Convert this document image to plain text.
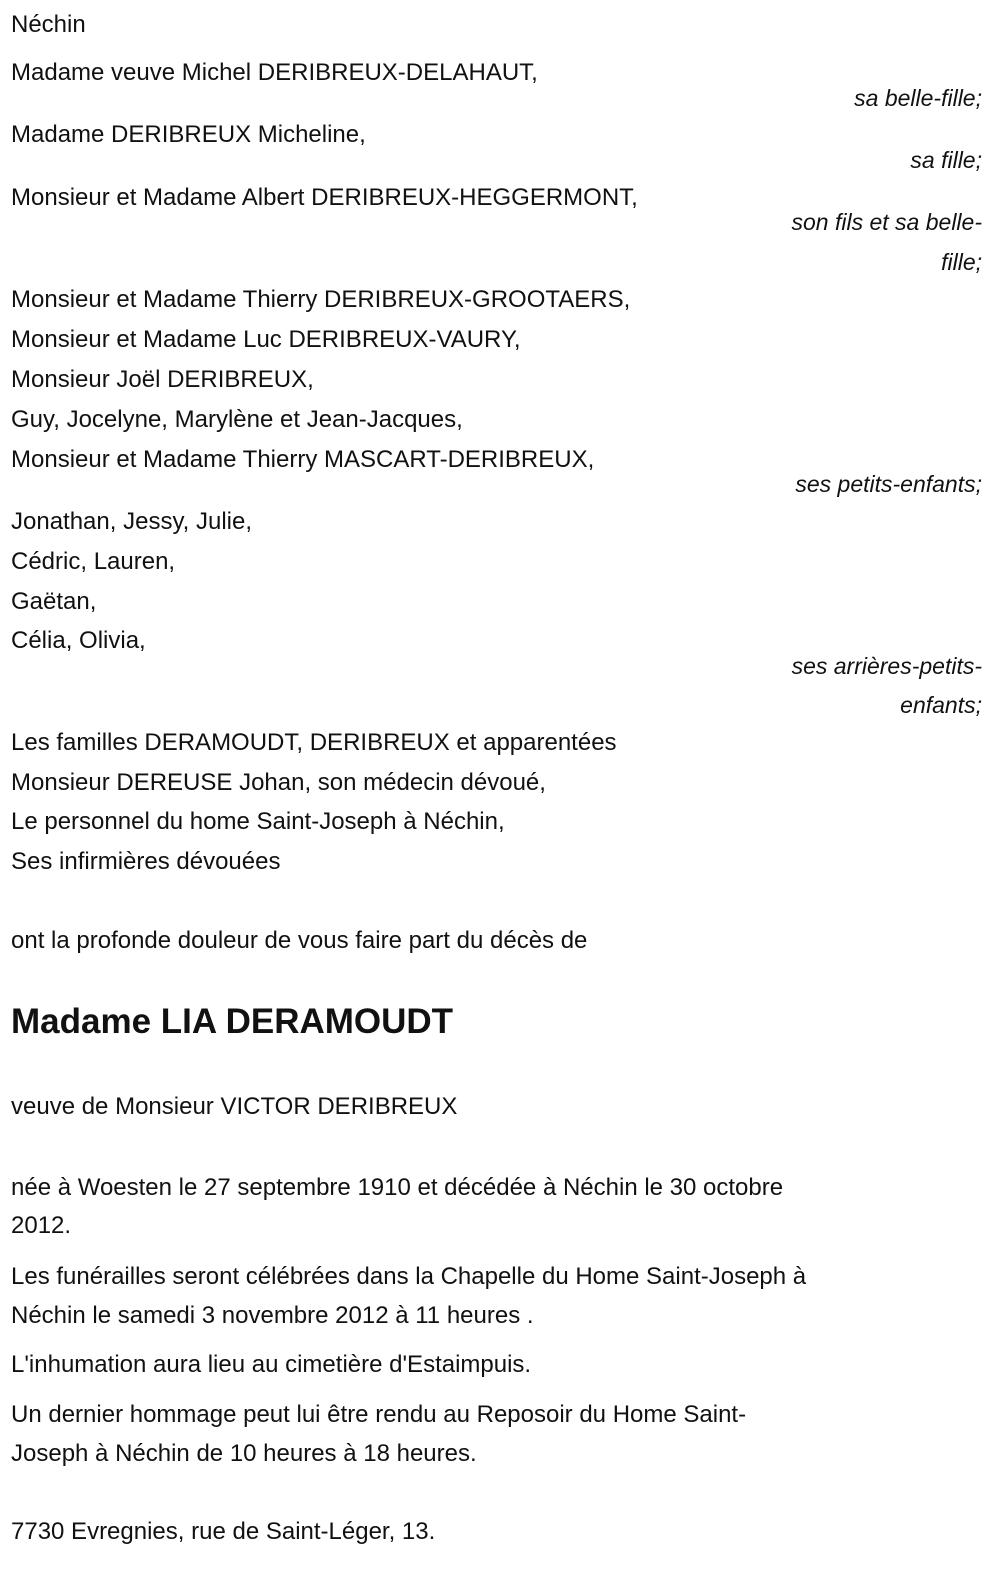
Néchin
Madame veuve Michel DERIBREUX-DELAHAUT,
sa belle-fille;
Madame DERIBREUX Micheline,
sa fille;
Monsieur et Madame Albert DERIBREUX-HEGGERMONT,
son fils et sa belle-
fille;
Monsieur et Madame Thierry DERIBREUX-GROOTAERS,
Monsieur et Madame Luc DERIBREUX-VAURY,
Monsieur Joël DERIBREUX,
Guy, Jocelyne, Marylène et Jean-Jacques,
Monsieur et Madame Thierry MASCART-DERIBREUX,
ses petits-enfants;
Jonathan, Jessy, Julie,
Cédric, Lauren,
Gaëtan,
Célia, Olivia,
ses arrières-petits-
enfants;
Les familles DERAMOUDT, DERIBREUX et apparentées
Monsieur DEREUSE Johan, son médecin dévoué,
Le personnel du home Saint-Joseph à Néchin,
Ses infirmières dévouées
ont la profonde douleur de vous faire part du décès de
Madame LIA DERAMOUDT
veuve de Monsieur VICTOR DERIBREUX
née à Woesten le 27 septembre 1910 et décédée à Néchin le 30 octobre
2012.
Les funérailles seront célébrées dans la Chapelle du Home Saint-Joseph à
Néchin le samedi 3 novembre 2012 à 11 heures .
L'inhumation aura lieu au cimetière d'Estaimpuis.
Un dernier hommage peut lui être rendu au Reposoir du Home Saint-
Joseph à Néchin de 10 heures à 18 heures.
7730 Evregnies, rue de Saint-Léger, 13.
